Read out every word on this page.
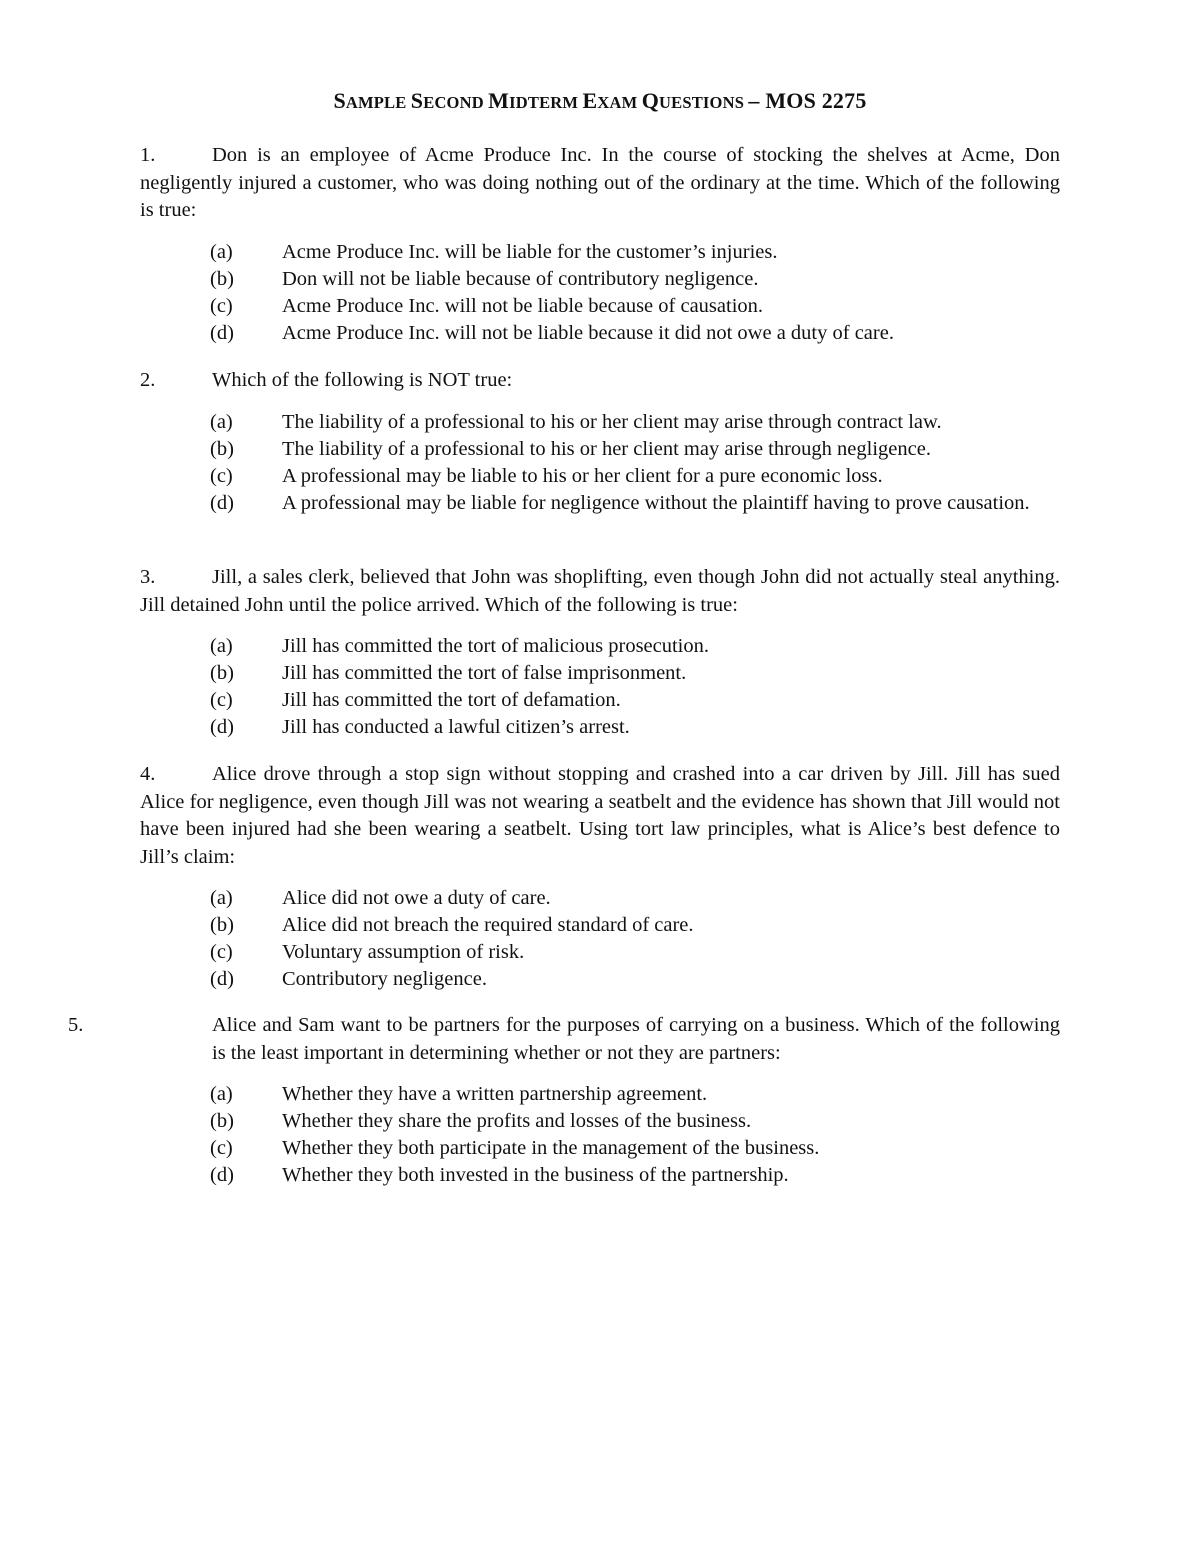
SAMPLE SECOND MIDTERM EXAM QUESTIONS – MOS 2275

1.	Don is an employee of Acme Produce Inc. In the course of stocking the shelves at Acme, Don negligently injured a customer, who was doing nothing out of the ordinary at the time. Which of the following is true:

(a) Acme Produce Inc. will be liable for the customer’s injuries.
(b) Don will not be liable because of contributory negligence.
(c) Acme Produce Inc. will not be liable because of causation.
(d) Acme Produce Inc. will not be liable because it did not owe a duty of care.

2.	Which of the following is NOT true:

(a) The liability of a professional to his or her client may arise through contract law.
(b) The liability of a professional to his or her client may arise through negligence.
(c) A professional may be liable to his or her client for a pure economic loss.
(d) A professional may be liable for negligence without the plaintiff having to prove causation.

3.	Jill, a sales clerk, believed that John was shoplifting, even though John did not actually steal anything. Jill detained John until the police arrived. Which of the following is true:

(a) Jill has committed the tort of malicious prosecution.
(b) Jill has committed the tort of false imprisonment.
(c) Jill has committed the tort of defamation.
(d) Jill has conducted a lawful citizen’s arrest.

4.	Alice drove through a stop sign without stopping and crashed into a car driven by Jill. Jill has sued Alice for negligence, even though Jill was not wearing a seatbelt and the evidence has shown that Jill would not have been injured had she been wearing a seatbelt. Using tort law principles, what is Alice’s best defence to Jill’s claim:

(a) Alice did not owe a duty of care.
(b) Alice did not breach the required standard of care.
(c) Voluntary assumption of risk.
(d) Contributory negligence.

5.	Alice and Sam want to be partners for the purposes of carrying on a business. Which of the following is the least important in determining whether or not they are partners:

(a) Whether they have a written partnership agreement.
(b) Whether they share the profits and losses of the business.
(c) Whether they both participate in the management of the business.
(d) Whether they both invested in the business of the partnership.
